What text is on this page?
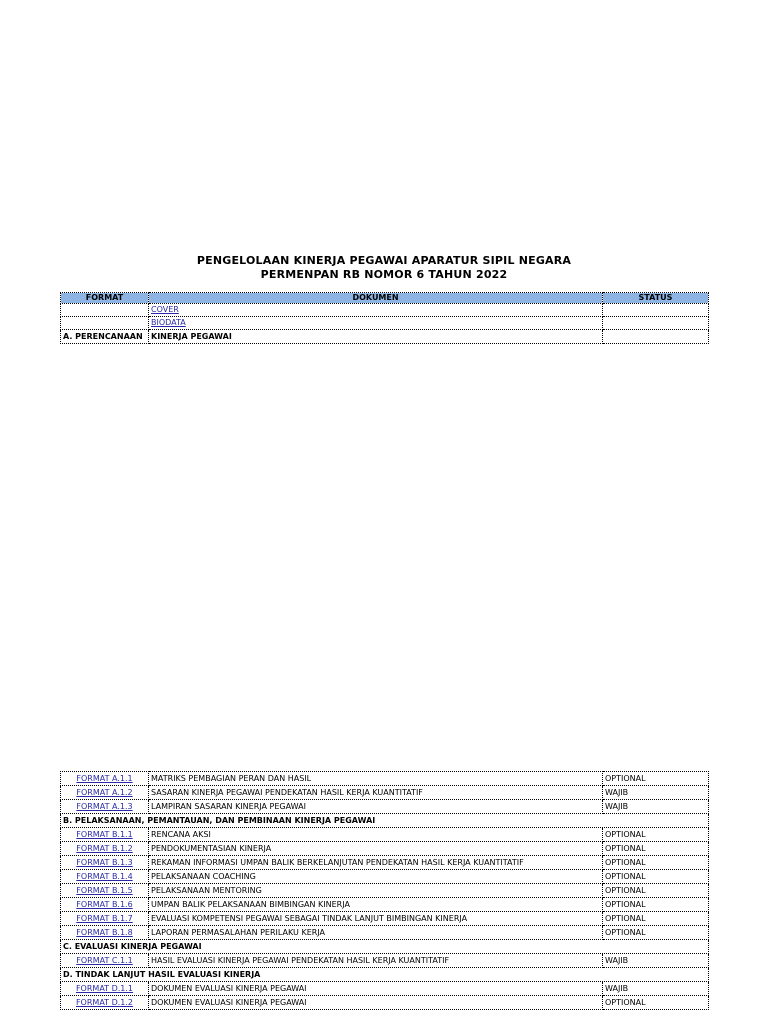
PENGELOLAAN KINERJA PEGAWAI APARATUR SIPIL NEGARA
PERMENPAN RB NOMOR 6 TAHUN 2022
FORMAT	DOKUMEN	STATUS
	COVER	
	BIODATA	
A. PERENCANAAN	KINERJA PEGAWAI	
FORMAT A.1.1	MATRIKS PEMBAGIAN PERAN DAN HASIL	OPTIONAL
FORMAT A.1.2	SASARAN KINERJA PEGAWAI PENDEKATAN HASIL KERJA KUANTITATIF	WAJIB
FORMAT A.1.3	LAMPIRAN SASARAN KINERJA PEGAWAI	WAJIB
B. PELAKSANAAN, PEMANTAUAN, DAN PEMBINAAN KINERJA PEGAWAI		
FORMAT B.1.1	RENCANA AKSI	OPTIONAL
FORMAT B.1.2	PENDOKUMENTASIAN KINERJA	OPTIONAL
FORMAT B.1.3	REKAMAN INFORMASI UMPAN BALIK BERKELANJUTAN PENDEKATAN HASIL KERJA KUANTITATIF	OPTIONAL
FORMAT B.1.4	PELAKSANAAN COACHING	OPTIONAL
FORMAT B.1.5	PELAKSANAAN MENTORING	OPTIONAL
FORMAT B.1.6	UMPAN BALIK PELAKSANAAN BIMBINGAN KINERJA	OPTIONAL
FORMAT B.1.7	EVALUASI KOMPETENSI PEGAWAI SEBAGAI TINDAK LANJUT BIMBINGAN KINERJA	OPTIONAL
FORMAT B.1.8	LAPORAN PERMASALAHAN PERILAKU KERJA	OPTIONAL
C. EVALUASI KINERJA PEGAWAI		
FORMAT C.1.1	HASIL EVALUASI KINERJA PEGAWAI PENDEKATAN HASIL KERJA KUANTITATIF	WAJIB
D. TINDAK LANJUT HASIL EVALUASI KINERJA		
FORMAT D.1.1	DOKUMEN EVALUASI KINERJA PEGAWAI	WAJIB
FORMAT D.1.2	DOKUMEN EVALUASI KINERJA PEGAWAI	OPTIONAL
